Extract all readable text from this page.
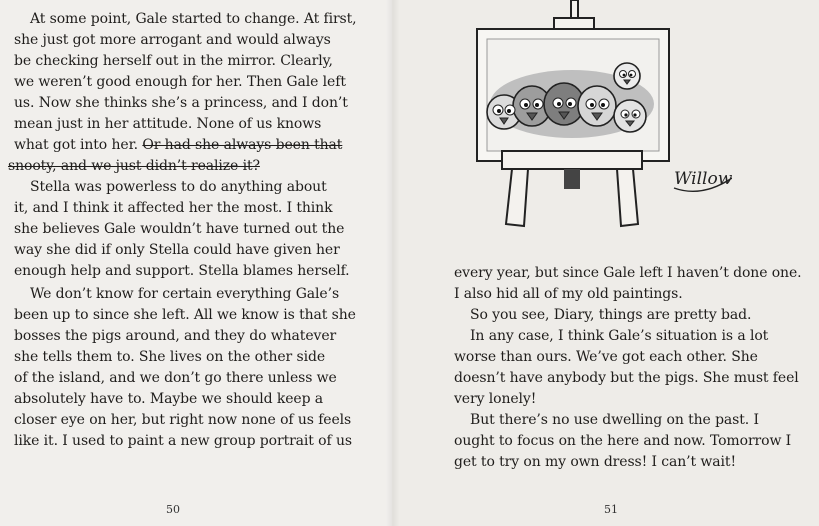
At some point, Gale started to change. At first,
she just got more arrogant and would always
be checking herself out in the mirror. Clearly,
we weren’t good enough for her. Then Gale left
us. Now she thinks she’s a princess, and I don’t
mean just in her attitude. None of us knows
what got into her. Or had she always been that
snooty, and we just didn’t realize it?
Stella was powerless to do anything about
it, and I think it affected her the most. I think
she believes Gale wouldn’t have turned out the
way she did if only Stella could have given her
enough help and support. Stella blames herself.
We don’t know for certain everything Gale’s
been up to since she left. All we know is that she
bosses the pigs around, and they do whatever
she tells them to. She lives on the other side
of the island, and we don’t go there unless we
absolutely have to. Maybe we should keep a
closer eye on her, but right now none of us feels
like it. I used to paint a new group portrait of us
50
Willow
every year, but since Gale left I haven’t done one.
I also hid all of my old paintings.
So you see, Diary, things are pretty bad.
In any case, I think Gale’s situation is a lot
worse than ours. We’ve got each other. She
doesn’t have anybody but the pigs. She must feel
very lonely!
But there’s no use dwelling on the past. I
ought to focus on the here and now. Tomorrow I
get to try on my own dress! I can’t wait!
51
